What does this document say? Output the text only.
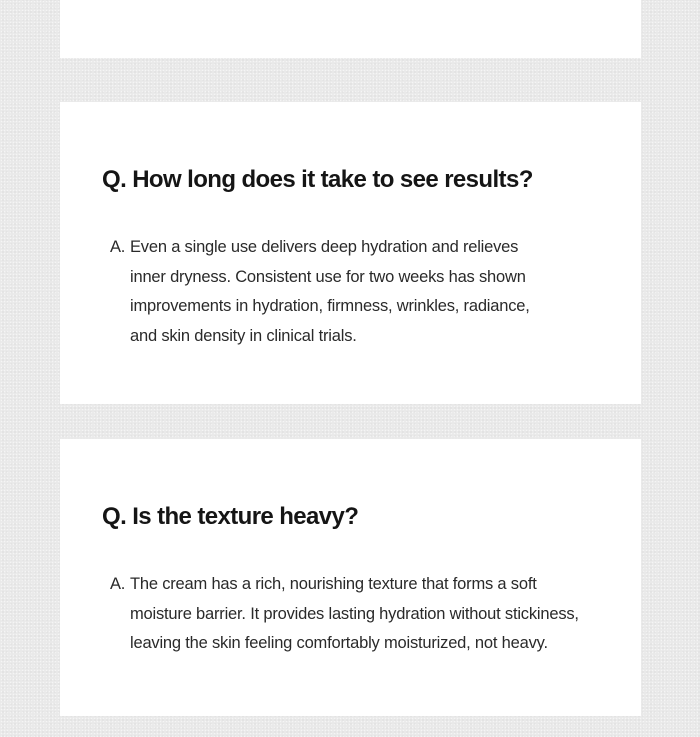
Q. How long does it take to see results?
A. Even a single use delivers deep hydration and relieves
inner dryness. Consistent use for two weeks has shown
improvements in hydration, firmness, wrinkles, radiance,
and skin density in clinical trials.
Q. Is the texture heavy?
A. The cream has a rich, nourishing texture that forms a soft
moisture barrier. It provides lasting hydration without stickiness,
leaving the skin feeling comfortably moisturized, not heavy.
